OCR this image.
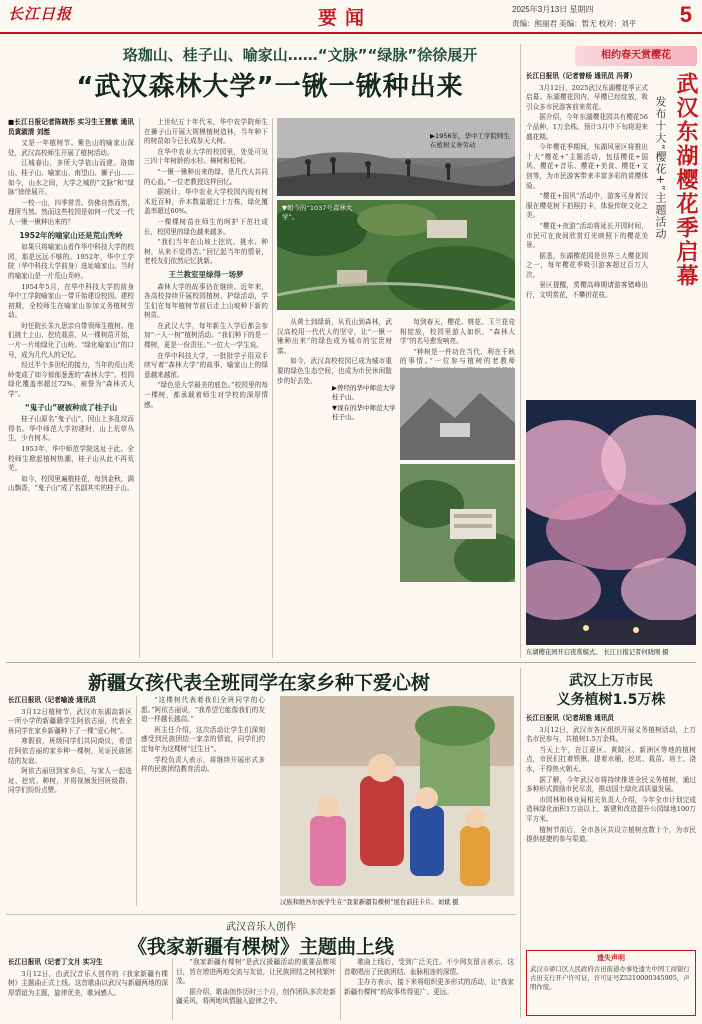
长江日报	要闻	2025年3月13日 星期四
责编：熊丽君 美编：暂无 校对：刘平 5
珞珈山、桂子山、喻家山……“文脉”“绿脉”徐徐展开
“武汉森林大学”一锹一锹种出来
■长江日报记者陈晓彤 实习生王慧敏 通讯员黄淑清 刘湉

又是一年植树节。紫色山的喻家山深处，武汉高校师生开展了植树活动。

江城春山，多所大学依山而建。珞珈山、桂子山、喻家山、南望山、狮子山……如今，山水之间，大学之城的“文脉”和“绿脉”徐徐展开。

一校一山，四季常青。仿佛自然而然，理所当然。然而这些校园是如何一代又一代人一锹一锹种出来的？

1952年的喻家山还是荒山秃岭

如果只将喻家山看作华中科技大学的校园，那是远远不够的。1952年，华中工学院（华中科技大学前身）选址喻家山。当时的喻家山是一片荒山秃岭。

1954年5月，在华中科技大学的前身华中工学院喻家山一带开始建设校园。建校初期，全校师生在喻家山参加义务植树劳动。

时任院长朱九思亲自带领师生植树。他们挑土上山、挖坑栽苗，从一棵树苗开始，一片一片地绿化了山岭。“绿化喻家山”的口号，成为几代人的记忆。

经过半个多世纪的接力，当年的荒山秃岭变成了如今郁郁葱葱的“森林大学”。校园绿化覆盖率超过72%，被誉为“森林式大学”。

“鬼子山”硬被种成了桂子山

桂子山原名“鬼子山”，因山上多乱坟而得名。华中师范大学初建时，山上荒草丛生，少有树木。

1953年，华中师范学院选址于此。全校师生掀起植树热潮，桂子山从此不再荒芜。

如今，校园里遍植桂花，每到金秋，满山飘香，“鬼子山”成了名副其实的桂子山。

上世纪五十年代末，华中农学院师生在狮子山开展大规模植树造林，当年种下的树苗如今已长成参天大树。

在华中农业大学的校园里，处处可见三四十年树龄的水杉、樟树和松树。

“一锹一锹种出来的绿，是几代人共同的心血。”一位老教授这样回忆。

据统计，华中农业大学校园内现有树木近百种，乔木数量超过十万株，绿化覆盖率超过60%。

一棵棵树苗在师生的呵护下茁壮成长，校园里的绿色越来越多。

“我们当年在山坡上挖坑、挑水、种树，从来不觉得苦。”回忆起当年的情景，老校友们依然记忆犹新。

王兰教室里绿得一场梦

森林大学的故事仍在继续。近年来，各高校持续开展校园植树、护绿活动，学生们在每年植树节前后走上山坡种下新的树苗。

在武汉大学，每年新生入学后都会参加“一人一树”植树活动。“我们种下的是一棵树，更是一份责任。”一位大一学生说。

在华中科技大学，一批批学子用双手续写着“森林大学”的故事，喻家山上的绿意越来越浓。

“绿色是大学最美的底色。”校园里的每一棵树，都承载着师生对学校的深厚情感。

▶1956年，华中工学院师生在植树义务劳动
▼如今的“1037号森林大学”。

从黄土到绿荫，从荒山到森林，武汉高校用一代代人的坚守，让“一锹一锹种出来”的绿色成为城市的宝贵财富。

如今，武汉高校校园已成为城市重要的绿色生态空间，也成为市民休闲散步的好去处。

每到春天，樱花、桃花、玉兰花竞相绽放，校园里游人如织，“森林大学”的名号愈发响亮。

“种树是一件功在当代、利在千秋的事情。”一位参与植树的老教师

▶曾经的华中师范大学桂子山。
▼现在的华中师范大学桂子山。
相约春天赏樱花
武汉东湖樱花季启幕
发布十大“樱花+”主题活动
长江日报讯（记者曾杨 通讯员 冯菁）

3月12日，2025武汉东湖樱花季正式启幕。东湖樱花园内，早樱已经绽放，吸引众多市民游客前来赏花。

据介绍，今年东湖樱花园共有樱花56个品种、1万余株。预计3月中下旬将迎来盛花期。

今年樱花季期间，东湖风景区将推出十大“樱花+”主题活动，包括樱花+国风、樱花+音乐、樱花+美食、樱花+文创等，为市民游客带来丰富多彩的赏樱体验。

“樱花+国风”活动中，游客可身着汉服在樱花树下拍照打卡，体验传统文化之美。

“樱花+夜游”活动将延长开园时间，市民可在夜间欣赏灯光映照下的樱花美景。

据悉，东湖樱花园是世界三大樱花园之一，每年樱花季吸引游客超过百万人次。

景区提醒，赏樱高峰期请游客错峰出行，文明赏花，不攀折花枝。

东湖樱花园开启夜赏模式。 长江日报记者何晓刚 摄
新疆女孩代表全班同学在家乡种下爱心树
长江日报讯（记者喻凌 通讯员

3月12日植树节，武汉市东湖高新区一所小学的新疆籍学生阿依古丽，代表全班同学在家乡新疆种下了一棵“爱心树”。

寒假前，班级同学们共同商议，希望在阿依古丽的家乡种一棵树，见证民族团结的友谊。

阿依古丽回到家乡后，与家人一起选址、挖坑、种树，并将视频发回班级群，同学们纷纷点赞。

“这棵树代表着我们全班同学的心愿。”阿依古丽说，“我希望它能像我们的友谊一样越长越高。”

班主任介绍，这次活动让学生们深刻感受到民族团结一家亲的情谊，同学们约定每年为这棵树“过生日”。

学校负责人表示，将继续开展形式多样的民族团结教育活动。

汉族和维吾尔族学生在“我家新疆有棵树”展台前挂卡片。刘斌 摄
武汉上万市民
义务植树1.5万株
长江日报讯（记者胡雅 通讯员

3月12日，武汉市各区组织开展义务植树活动，上万名市民参与，共植树1.5万余株。

当天上午，在江夏区、黄陂区、新洲区等地的植树点，市民们扛着铁锹、提着水桶，挖坑、栽苗、培土、浇水，干得热火朝天。

据了解，今年武汉市将持续推进全民义务植树，通过多种形式鼓励市民尽责，推动国土绿化高质量发展。

市园林和林业局相关负责人介绍，今年全市计划完成造林绿化面积1万亩以上，新建和改造提升公园绿地100万平方米。

植树节前后，全市各区共设立植树点数十个，为市民提供便捷的参与渠道。

遗失声明
武汉市硚口区人民政府古田街道办事处遗失中国工商银行古田支行开户许可证，许可证号Z5210000345905，声明作废。
武汉音乐人创作
《我家新疆有棵树》主题曲上线
长江日报讯（记者丁文月 实习生

3月12日，由武汉音乐人创作的《我家新疆有棵树》主题曲正式上线。这首歌曲以武汉与新疆两地的深厚情谊为主题，旋律优美，歌词感人。

“我家新疆有棵树”是武汉援疆活动的重要品牌项目，旨在增进两地交流与友谊，让民族团结之树枝繁叶茂。

据介绍，歌曲创作历时三个月，创作团队多次赴新疆采风，将两地风情融入旋律之中。

歌曲上线后，受到广泛关注。不少网友留言表示，这首歌唱出了民族团结、血脉相连的深情。

主办方表示，接下来将组织更多形式的活动，让“我家新疆有棵树”的故事传得更广、更远。
